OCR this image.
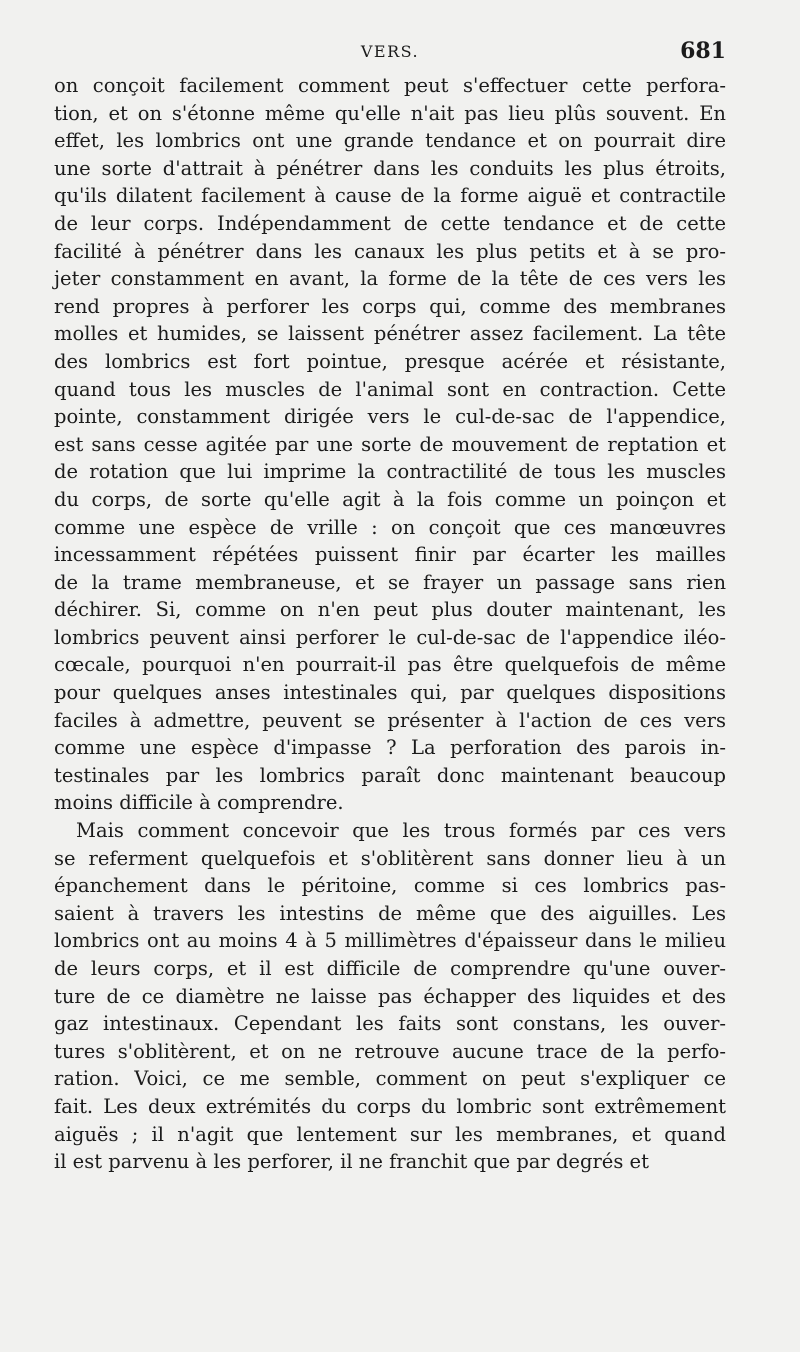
VERS.	681
on conçoit facilement comment peut s'effectuer cette perfora-
tion, et on s'étonne même qu'elle n'ait pas lieu plûs souvent. En
effet, les lombrics ont une grande tendance et on pourrait dire
une sorte d'attrait à pénétrer dans les conduits les plus étroits,
qu'ils dilatent facilement à cause de la forme aiguë et contractile
de leur corps. Indépendamment de cette tendance et de cette
facilité à pénétrer dans les canaux les plus petits et à se pro-
jeter constamment en avant, la forme de la tête de ces vers les
rend propres à perforer les corps qui, comme des membranes
molles et humides, se laissent pénétrer assez facilement. La tête
des lombrics est fort pointue, presque acérée et résistante,
quand tous les muscles de l'animal sont en contraction. Cette
pointe, constamment dirigée vers le cul-de-sac de l'appendice,
est sans cesse agitée par une sorte de mouvement de reptation et
de rotation que lui imprime la contractilité de tous les muscles
du corps, de sorte qu'elle agit à la fois comme un poinçon et
comme une espèce de vrille : on conçoit que ces manœuvres
incessamment répétées puissent finir par écarter les mailles
de la trame membraneuse, et se frayer un passage sans rien
déchirer. Si, comme on n'en peut plus douter maintenant, les
lombrics peuvent ainsi perforer le cul-de-sac de l'appendice iléo-
cœcale, pourquoi n'en pourrait-il pas être quelquefois de même
pour quelques anses intestinales qui, par quelques dispositions
faciles à admettre, peuvent se présenter à l'action de ces vers
comme une espèce d'impasse ? La perforation des parois in-
testinales par les lombrics paraît donc maintenant beaucoup
moins difficile à comprendre.
Mais comment concevoir que les trous formés par ces vers
se referment quelquefois et s'oblitèrent sans donner lieu à un
épanchement dans le péritoine, comme si ces lombrics pas-
saient à travers les intestins de même que des aiguilles. Les
lombrics ont au moins 4 à 5 millimètres d'épaisseur dans le milieu
de leurs corps, et il est difficile de comprendre qu'une ouver-
ture de ce diamètre ne laisse pas échapper des liquides et des
gaz intestinaux. Cependant les faits sont constans, les ouver-
tures s'oblitèrent, et on ne retrouve aucune trace de la perfo-
ration. Voici, ce me semble, comment on peut s'expliquer ce
fait. Les deux extrémités du corps du lombric sont extrêmement
aiguës ; il n'agit que lentement sur les membranes, et quand
il est parvenu à les perforer, il ne franchit que par degrés et
